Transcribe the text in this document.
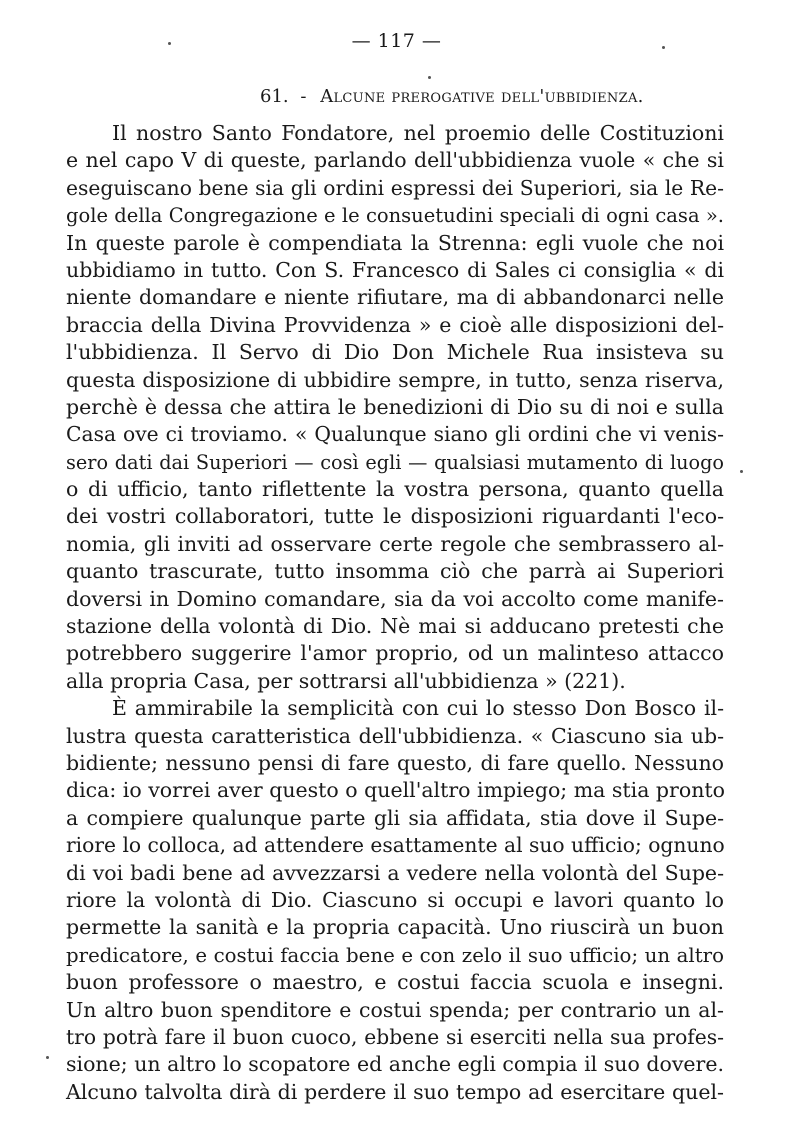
— 117 —
61. - Alcune prerogative dell'ubbidienza.
Il nostro Santo Fondatore, nel proemio delle Costituzioni
e nel capo V di queste, parlando dell'ubbidienza vuole « che si
eseguiscano bene sia gli ordini espressi dei Superiori, sia le Re-
gole della Congregazione e le consuetudini speciali di ogni casa ».
In queste parole è compendiata la Strenna: egli vuole che noi
ubbidiamo in tutto. Con S. Francesco di Sales ci consiglia « di
niente domandare e niente rifiutare, ma di abbandonarci nelle
braccia della Divina Provvidenza » e cioè alle disposizioni del-
l'ubbidienza. Il Servo di Dio Don Michele Rua insisteva su
questa disposizione di ubbidire sempre, in tutto, senza riserva,
perchè è dessa che attira le benedizioni di Dio su di noi e sulla
Casa ove ci troviamo. « Qualunque siano gli ordini che vi venis-
sero dati dai Superiori — così egli — qualsiasi mutamento di luogo
o di ufficio, tanto riflettente la vostra persona, quanto quella
dei vostri collaboratori, tutte le disposizioni riguardanti l'eco-
nomia, gli inviti ad osservare certe regole che sembrassero al-
quanto trascurate, tutto insomma ciò che parrà ai Superiori
doversi in Domino comandare, sia da voi accolto come manife-
stazione della volontà di Dio. Nè mai si adducano pretesti che
potrebbero suggerire l'amor proprio, od un malinteso attacco
alla propria Casa, per sottrarsi all'ubbidienza » (221).
È ammirabile la semplicità con cui lo stesso Don Bosco il-
lustra questa caratteristica dell'ubbidienza. « Ciascuno sia ub-
bidiente; nessuno pensi di fare questo, di fare quello. Nessuno
dica: io vorrei aver questo o quell'altro impiego; ma stia pronto
a compiere qualunque parte gli sia affidata, stia dove il Supe-
riore lo colloca, ad attendere esattamente al suo ufficio; ognuno
di voi badi bene ad avvezzarsi a vedere nella volontà del Supe-
riore la volontà di Dio. Ciascuno si occupi e lavori quanto lo
permette la sanità e la propria capacità. Uno riuscirà un buon
predicatore, e costui faccia bene e con zelo il suo ufficio; un altro
buon professore o maestro, e costui faccia scuola e insegni.
Un altro buon spenditore e costui spenda; per contrario un al-
tro potrà fare il buon cuoco, ebbene si eserciti nella sua profes-
sione; un altro lo scopatore ed anche egli compia il suo dovere.
Alcuno talvolta dirà di perdere il suo tempo ad esercitare quel-
